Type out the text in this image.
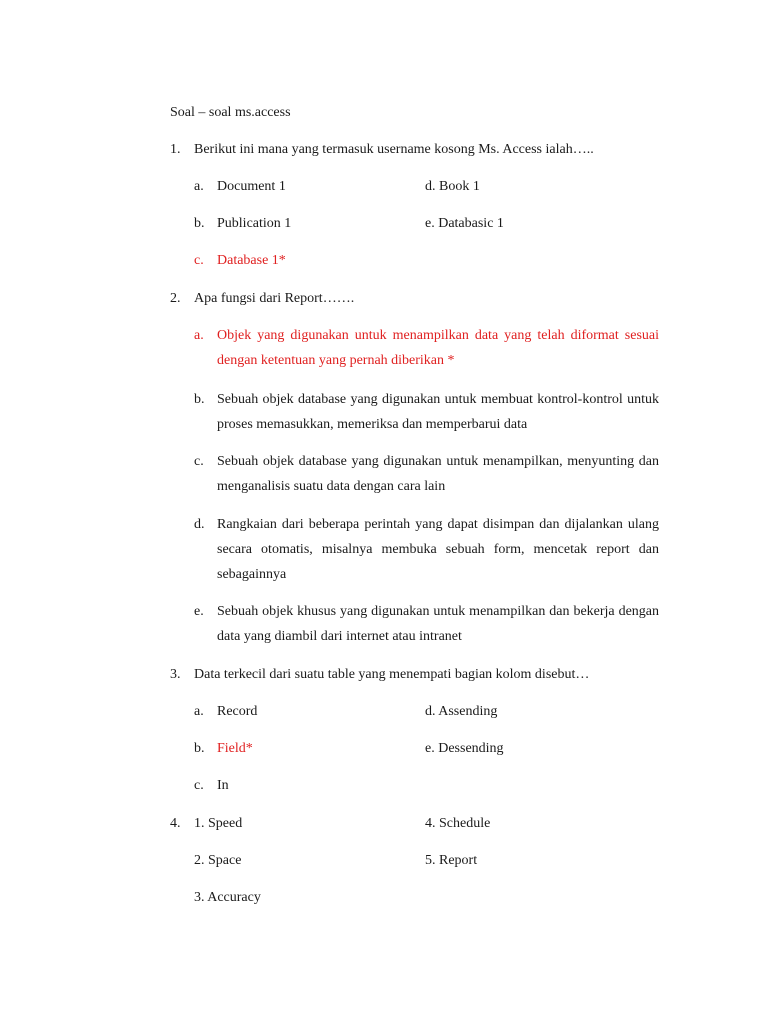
Soal – soal ms.access
1. Berikut ini mana yang termasuk username kosong Ms. Access ialah…..
a. Document 1	d. Book 1
b. Publication 1	e. Databasic 1
c. Database 1*
2. Apa fungsi dari Report…….
a. Objek yang digunakan untuk menampilkan data yang telah diformat sesuai dengan ketentuan yang pernah diberikan *
b. Sebuah objek database yang digunakan untuk membuat kontrol-kontrol untuk proses memasukkan, memeriksa dan memperbarui data
c. Sebuah objek database yang digunakan untuk menampilkan, menyunting dan menganalisis suatu data dengan cara lain
d. Rangkaian dari beberapa perintah yang dapat disimpan dan dijalankan ulang secara otomatis, misalnya membuka sebuah form, mencetak report dan sebagainnya
e. Sebuah objek khusus yang digunakan untuk menampilkan dan bekerja dengan data yang diambil dari internet atau intranet
3. Data terkecil dari suatu table yang menempati bagian kolom disebut…
a. Record	d. Assending
b. Field*	e. Dessending
c. In
4. 1. Speed	4. Schedule
2. Space	5. Report
3. Accuracy
